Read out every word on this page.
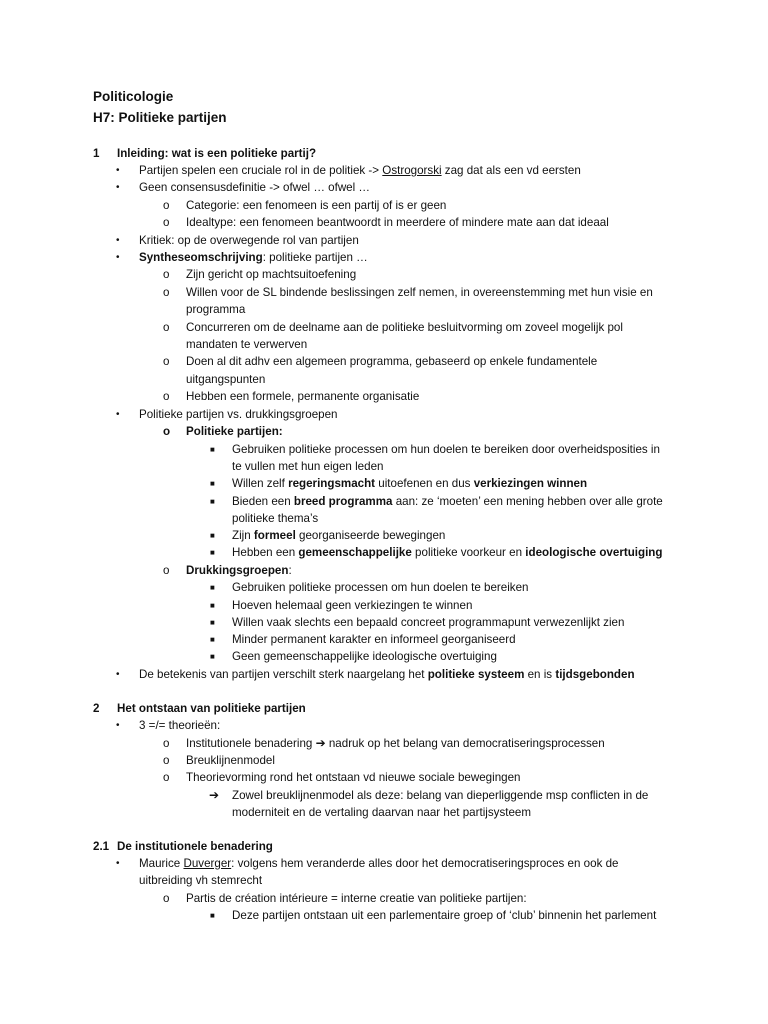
Politicologie
H7: Politieke partijen
1 Inleiding: wat is een politieke partij?
• Partijen spelen een cruciale rol in de politiek -> Ostrogorski zag dat als een vd eersten
• Geen consensusdefinitie -> ofwel … ofwel …
o Categorie: een fenomeen is een partij of is er geen
o Idealtype: een fenomeen beantwoordt in meerdere of mindere mate aan dat ideaal
• Kritiek: op de overwegende rol van partijen
• Syntheseomschrijving: politieke partijen …
o Zijn gericht op machtsuitoefening
o Willen voor de SL bindende beslissingen zelf nemen, in overeenstemming met hun visie en
programma
o Concurreren om de deelname aan de politieke besluitvorming om zoveel mogelijk pol
mandaten te verwerven
o Doen al dit adhv een algemeen programma, gebaseerd op enkele fundamentele
uitgangspunten
o Hebben een formele, permanente organisatie
• Politieke partijen vs. drukkingsgroepen
o Politieke partijen:
■ Gebruiken politieke processen om hun doelen te bereiken door overheidsposities in
te vullen met hun eigen leden
■ Willen zelf regeringsmacht uitoefenen en dus verkiezingen winnen
■ Bieden een breed programma aan: ze ‘moeten’ een mening hebben over alle grote
politieke thema’s
■ Zijn formeel georganiseerde bewegingen
■ Hebben een gemeenschappelijke politieke voorkeur en ideologische overtuiging
o Drukkingsgroepen:
■ Gebruiken politieke processen om hun doelen te bereiken
■ Hoeven helemaal geen verkiezingen te winnen
■ Willen vaak slechts een bepaald concreet programmapunt verwezenlijkt zien
■ Minder permanent karakter en informeel georganiseerd
■ Geen gemeenschappelijke ideologische overtuiging
• De betekenis van partijen verschilt sterk naargelang het politieke systeem en is tijdsgebonden
2 Het ontstaan van politieke partijen
• 3 =/= theorieën:
o Institutionele benadering ➔ nadruk op het belang van democratiseringsprocessen
o Breuklijnenmodel
o Theorievorming rond het ontstaan vd nieuwe sociale bewegingen
➔ Zowel breuklijnenmodel als deze: belang van dieperliggende msp conflicten in de
moderniteit en de vertaling daarvan naar het partijsysteem
2.1 De institutionele benadering
• Maurice Duverger: volgens hem veranderde alles door het democratiseringsproces en ook de
uitbreiding vh stemrecht
o Partis de création intérieure = interne creatie van politieke partijen:
■ Deze partijen ontstaan uit een parlementaire groep of ‘club’ binnenin het parlement
